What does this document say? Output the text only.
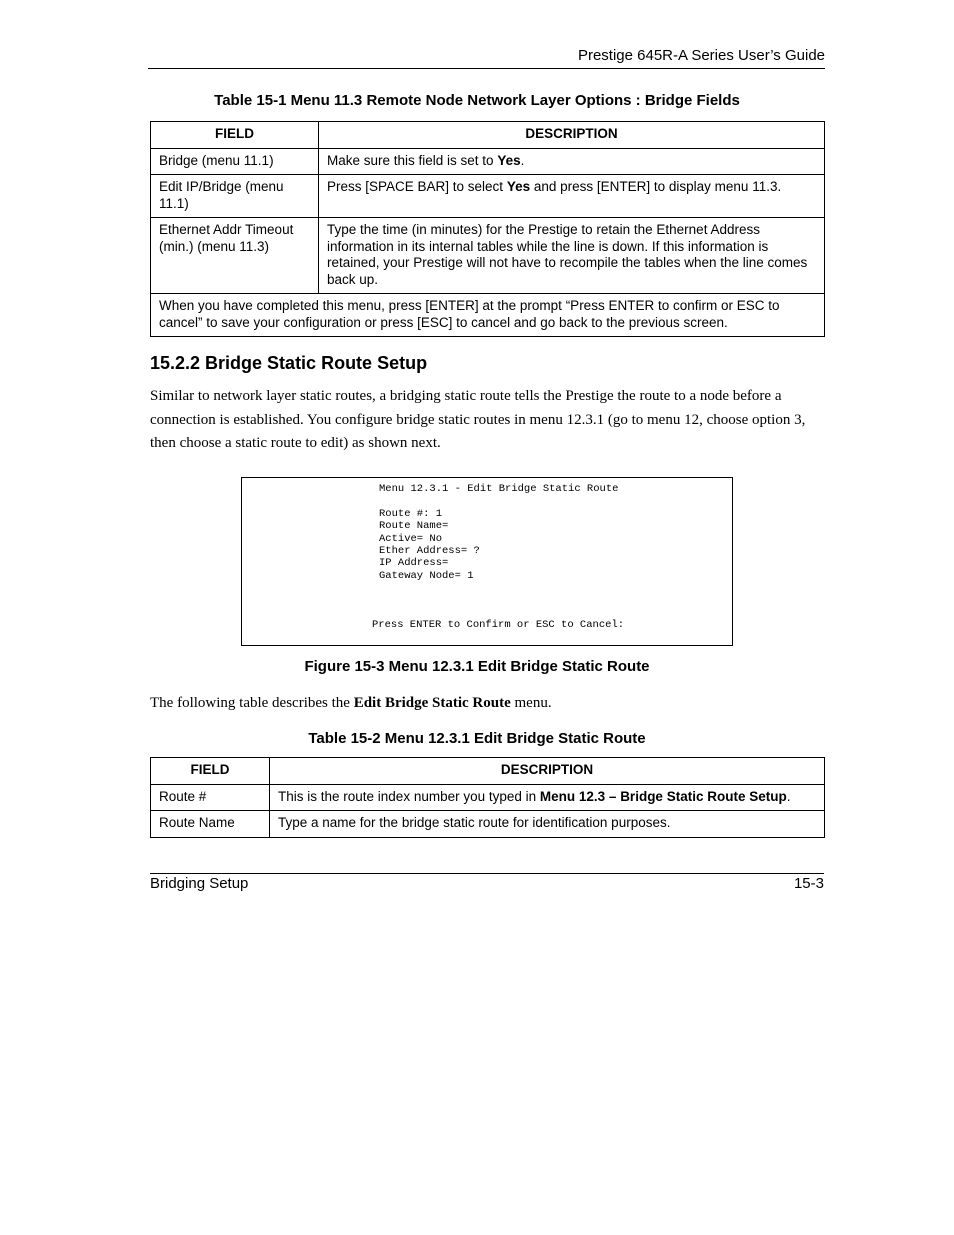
Prestige 645R-A Series User’s Guide
Table 15-1 Menu 11.3 Remote Node Network Layer Options : Bridge Fields
FIELD	DESCRIPTION
Bridge (menu 11.1)	Make sure this field is set to Yes.
Edit IP/Bridge (menu 11.1)	Press [SPACE BAR] to select Yes and press [ENTER] to display menu 11.3.
Ethernet Addr Timeout (min.) (menu 11.3)	Type the time (in minutes) for the Prestige to retain the Ethernet Address information in its internal tables while the line is down. If this information is retained, your Prestige will not have to recompile the tables when the line comes back up.
When you have completed this menu, press [ENTER] at the prompt “Press ENTER to confirm or ESC to cancel” to save your configuration or press [ESC] to cancel and go back to the previous screen.	
15.2.2 Bridge Static Route Setup
Similar to network layer static routes, a bridging static route tells the Prestige the route to a node before a connection is established. You configure bridge static routes in menu 12.3.1 (go to menu 12, choose option 3, then choose a static route to edit) as shown next.
Menu 12.3.1 - Edit Bridge Static Route
Route #: 1
Route Name=
Active= No
Ether Address= ?
IP Address=
Gateway Node= 1
Press ENTER to Confirm or ESC to Cancel:
Figure 15-3 Menu 12.3.1 Edit Bridge Static Route
The following table describes the Edit Bridge Static Route menu.
Table 15-2 Menu 12.3.1 Edit Bridge Static Route
FIELD	DESCRIPTION
Route #	This is the route index number you typed in Menu 12.3 – Bridge Static Route Setup.
Route Name	Type a name for the bridge static route for identification purposes.
Bridging Setup	15-3
